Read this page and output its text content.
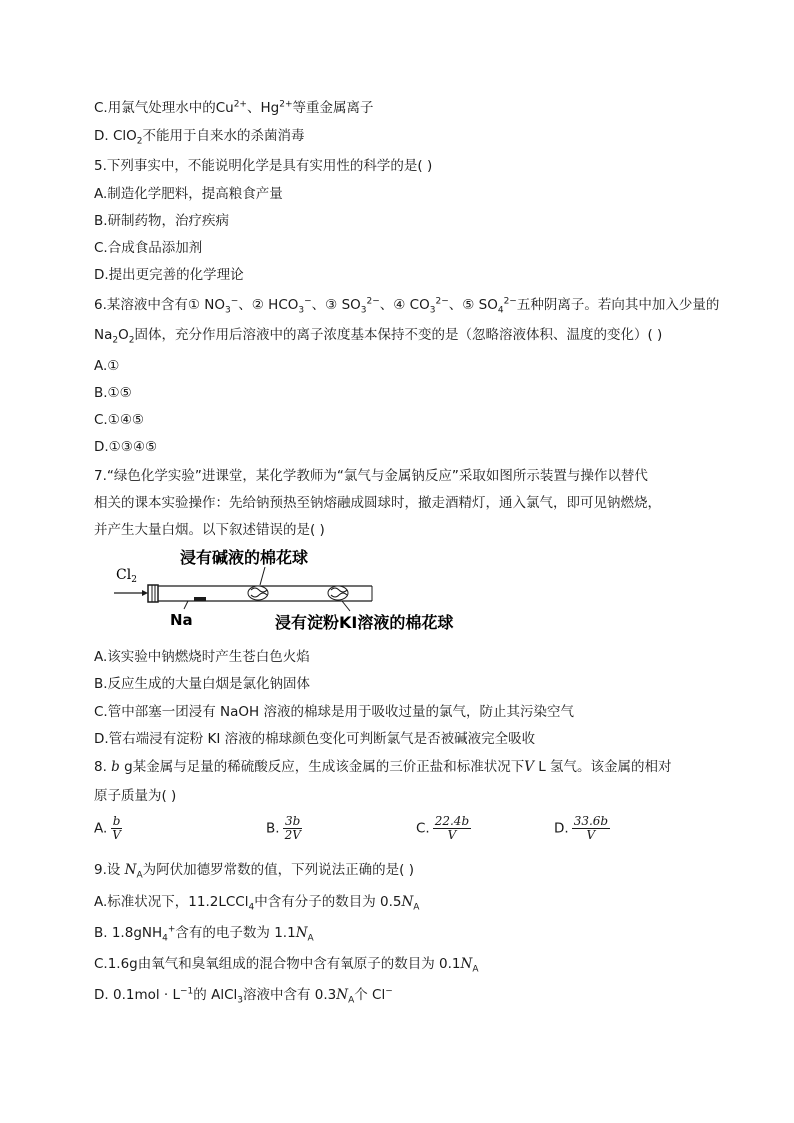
C.用氯气处理水中的$Cu^{2+}$、$Hg^{2+}$等重金属离子
D. ClO$_2$不能用于自来水的杀菌消毒
5.下列事实中，不能说明化学是具有实用性的科学的是( )
A.制造化学肥料，提高粮食产量
B.研制药物，治疗疾病
C.合成食品添加剂
D.提出更完善的化学理论
6.某溶液中含有① $NO_3^-$、② $HCO_3^-$、③ $SO_3^{2-}$、④ $CO_3^{2-}$、⑤ $SO_4^{2-}$五种阴离子。若向其中加入少量的
$Na_2O_2$固体，充分作用后溶液中的离子浓度基本保持不变的是（忽略溶液体积、温度的变化）( )
A.①
B.①⑤
C.①④⑤
D.①③④⑤
7.“绿色化学实验”进课堂，某化学教师为“氯气与金属钠反应”采取如图所示装置与操作以替代
相关的课本实验操作：先给钠预热至钠熔融成圆球时，撤走酒精灯，通入氯气，即可见钠燃烧，
并产生大量白烟。以下叙述错误的是( )
浸有碱液的棉花球
$Cl_2$
Na	浸有淀粉KI溶液的棉花球
A.该实验中钠燃烧时产生苍白色火焰
B.反应生成的大量白烟是氯化钠固体
C.管中部塞一团浸有 NaOH 溶液的棉球是用于吸收过量的氯气，防止其污染空气
D.管右端浸有淀粉 KI 溶液的棉球颜色变化可判断氯气是否被碱液完全吸收
8. b g某金属与足量的稀硫酸反应，生成该金属的三价正盐和标准状况下V L 氢气。该金属的相对
原子质量为( )
A. $\frac{b}{V}$	B. $\frac{3b}{2V}$	C. $\frac{22.4b}{V}$	D. $\frac{33.6b}{V}$
9.设 $N_A$为阿伏加德罗常数的值，下列说法正确的是( )
A.标准状况下，11.2LCCl$_4$中含有分子的数目为 $0.5N_A$
B. 1.8gNH$_4$+含有的电子数为 $1.1N_A$
C.1.6g由氧气和臭氧组成的混合物中含有氧原子的数目为 $0.1N_A$
D. $0.1mol \cdot L^{-1}$的 AlCl$_3$溶液中含有 $0.3N_A$个 Cl−
